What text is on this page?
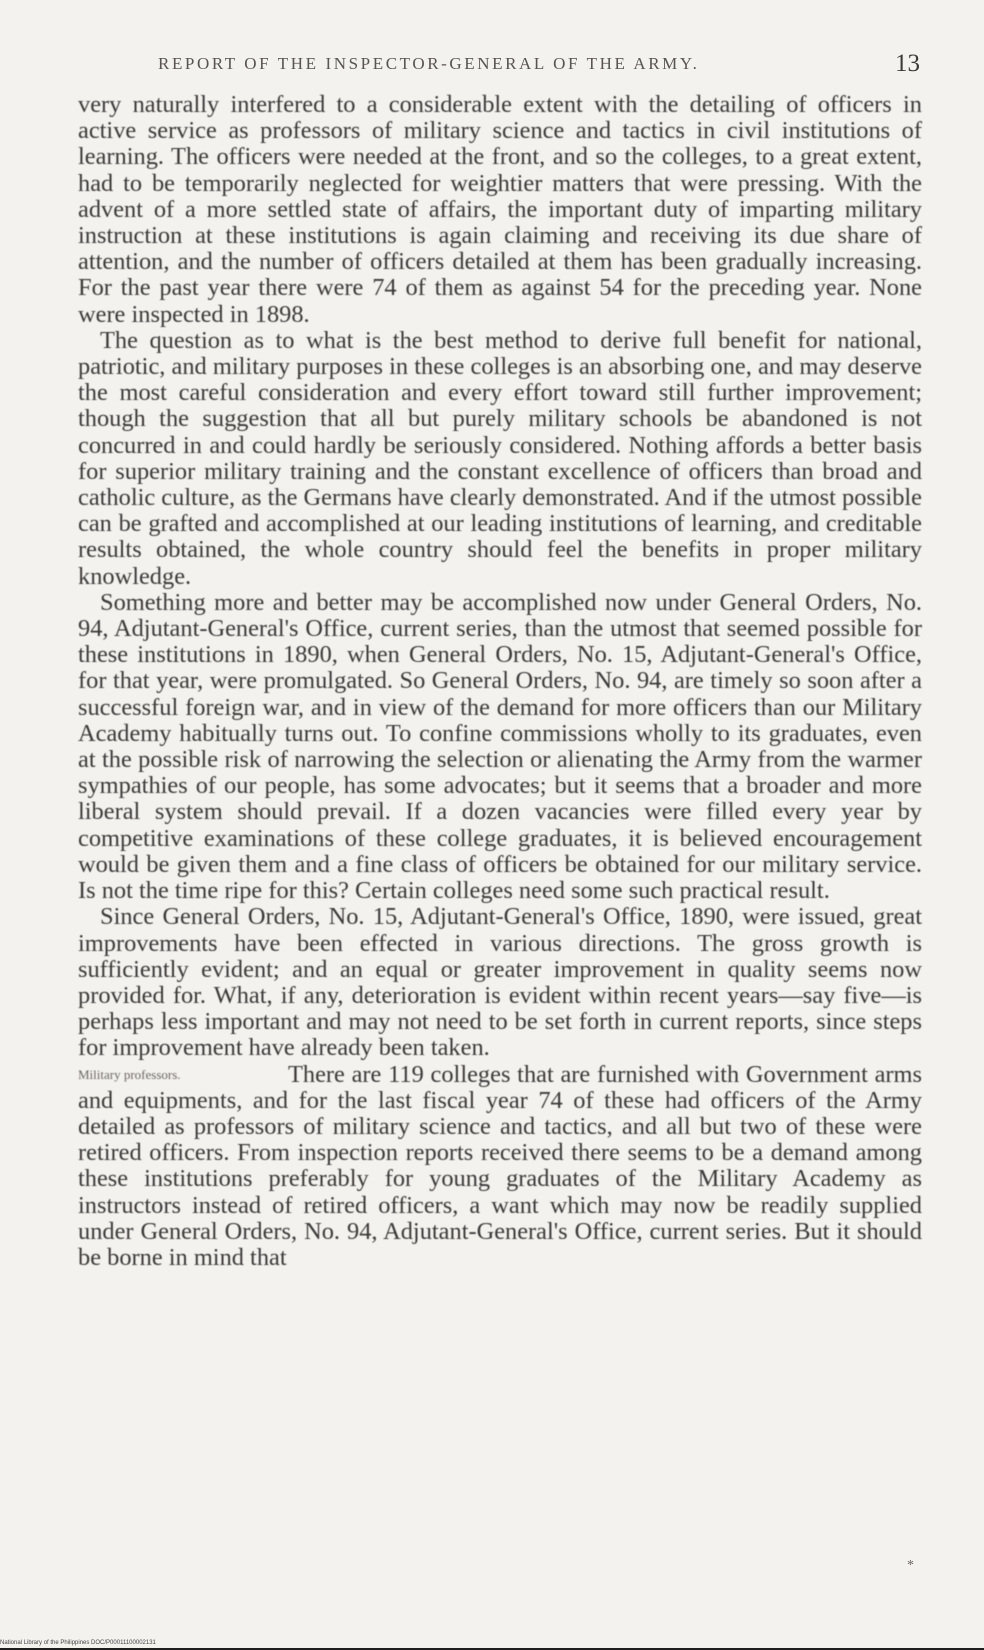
REPORT OF THE INSPECTOR-GENERAL OF THE ARMY.	13

very naturally interfered to a considerable extent with the detailing of officers in active service as professors of military science and tactics in civil institutions of learning. The officers were needed at the front, and so the colleges, to a great extent, had to be temporarily neglected for weightier matters that were pressing. With the advent of a more settled state of affairs, the important duty of imparting military instruction at these institutions is again claiming and receiving its due share of attention, and the number of officers detailed at them has been gradually increasing. For the past year there were 74 of them as against 54 for the preceding year. None were inspected in 1898.

The question as to what is the best method to derive full benefit for national, patriotic, and military purposes in these colleges is an absorbing one, and may deserve the most careful consideration and every effort toward still further improvement; though the suggestion that all but purely military schools be abandoned is not concurred in and could hardly be seriously considered. Nothing affords a better basis for superior military training and the constant excellence of officers than broad and catholic culture, as the Germans have clearly demonstrated. And if the utmost possible can be grafted and accomplished at our leading institutions of learning, and creditable results obtained, the whole country should feel the benefits in proper military knowledge.

Something more and better may be accomplished now under General Orders, No. 94, Adjutant-General's Office, current series, than the utmost that seemed possible for these institutions in 1890, when General Orders, No. 15, Adjutant-General's Office, for that year, were promulgated. So General Orders, No. 94, are timely so soon after a successful foreign war, and in view of the demand for more officers than our Military Academy habitually turns out. To confine commissions wholly to its graduates, even at the possible risk of narrowing the selection or alienating the Army from the warmer sympathies of our people, has some advocates; but it seems that a broader and more liberal system should prevail. If a dozen vacancies were filled every year by competitive examinations of these college graduates, it is believed encouragement would be given them and a fine class of officers be obtained for our military service. Is not the time ripe for this? Certain colleges need some such practical result.

Since General Orders, No. 15, Adjutant-General's Office, 1890, were issued, great improvements have been effected in various directions. The gross growth is sufficiently evident; and an equal or greater improvement in quality seems now provided for. What, if any, deterioration is evident within recent years—say five—is perhaps less important and may not need to be set forth in current reports, since steps for improvement have already been taken.

Military professors.	There are 119 colleges that are furnished with Government arms and equipments, and for the last fiscal year 74 of these had officers of the Army detailed as professors of military science and tactics, and all but two of these were retired officers. From inspection reports received there seems to be a demand among these institutions preferably for young graduates of the Military Academy as instructors instead of retired officers, a want which may now be readily supplied under General Orders, No. 94, Adjutant-General's Office, current series. But it should be borne in mind that

*
National Library of the Philippines DOC/P00011100002131
